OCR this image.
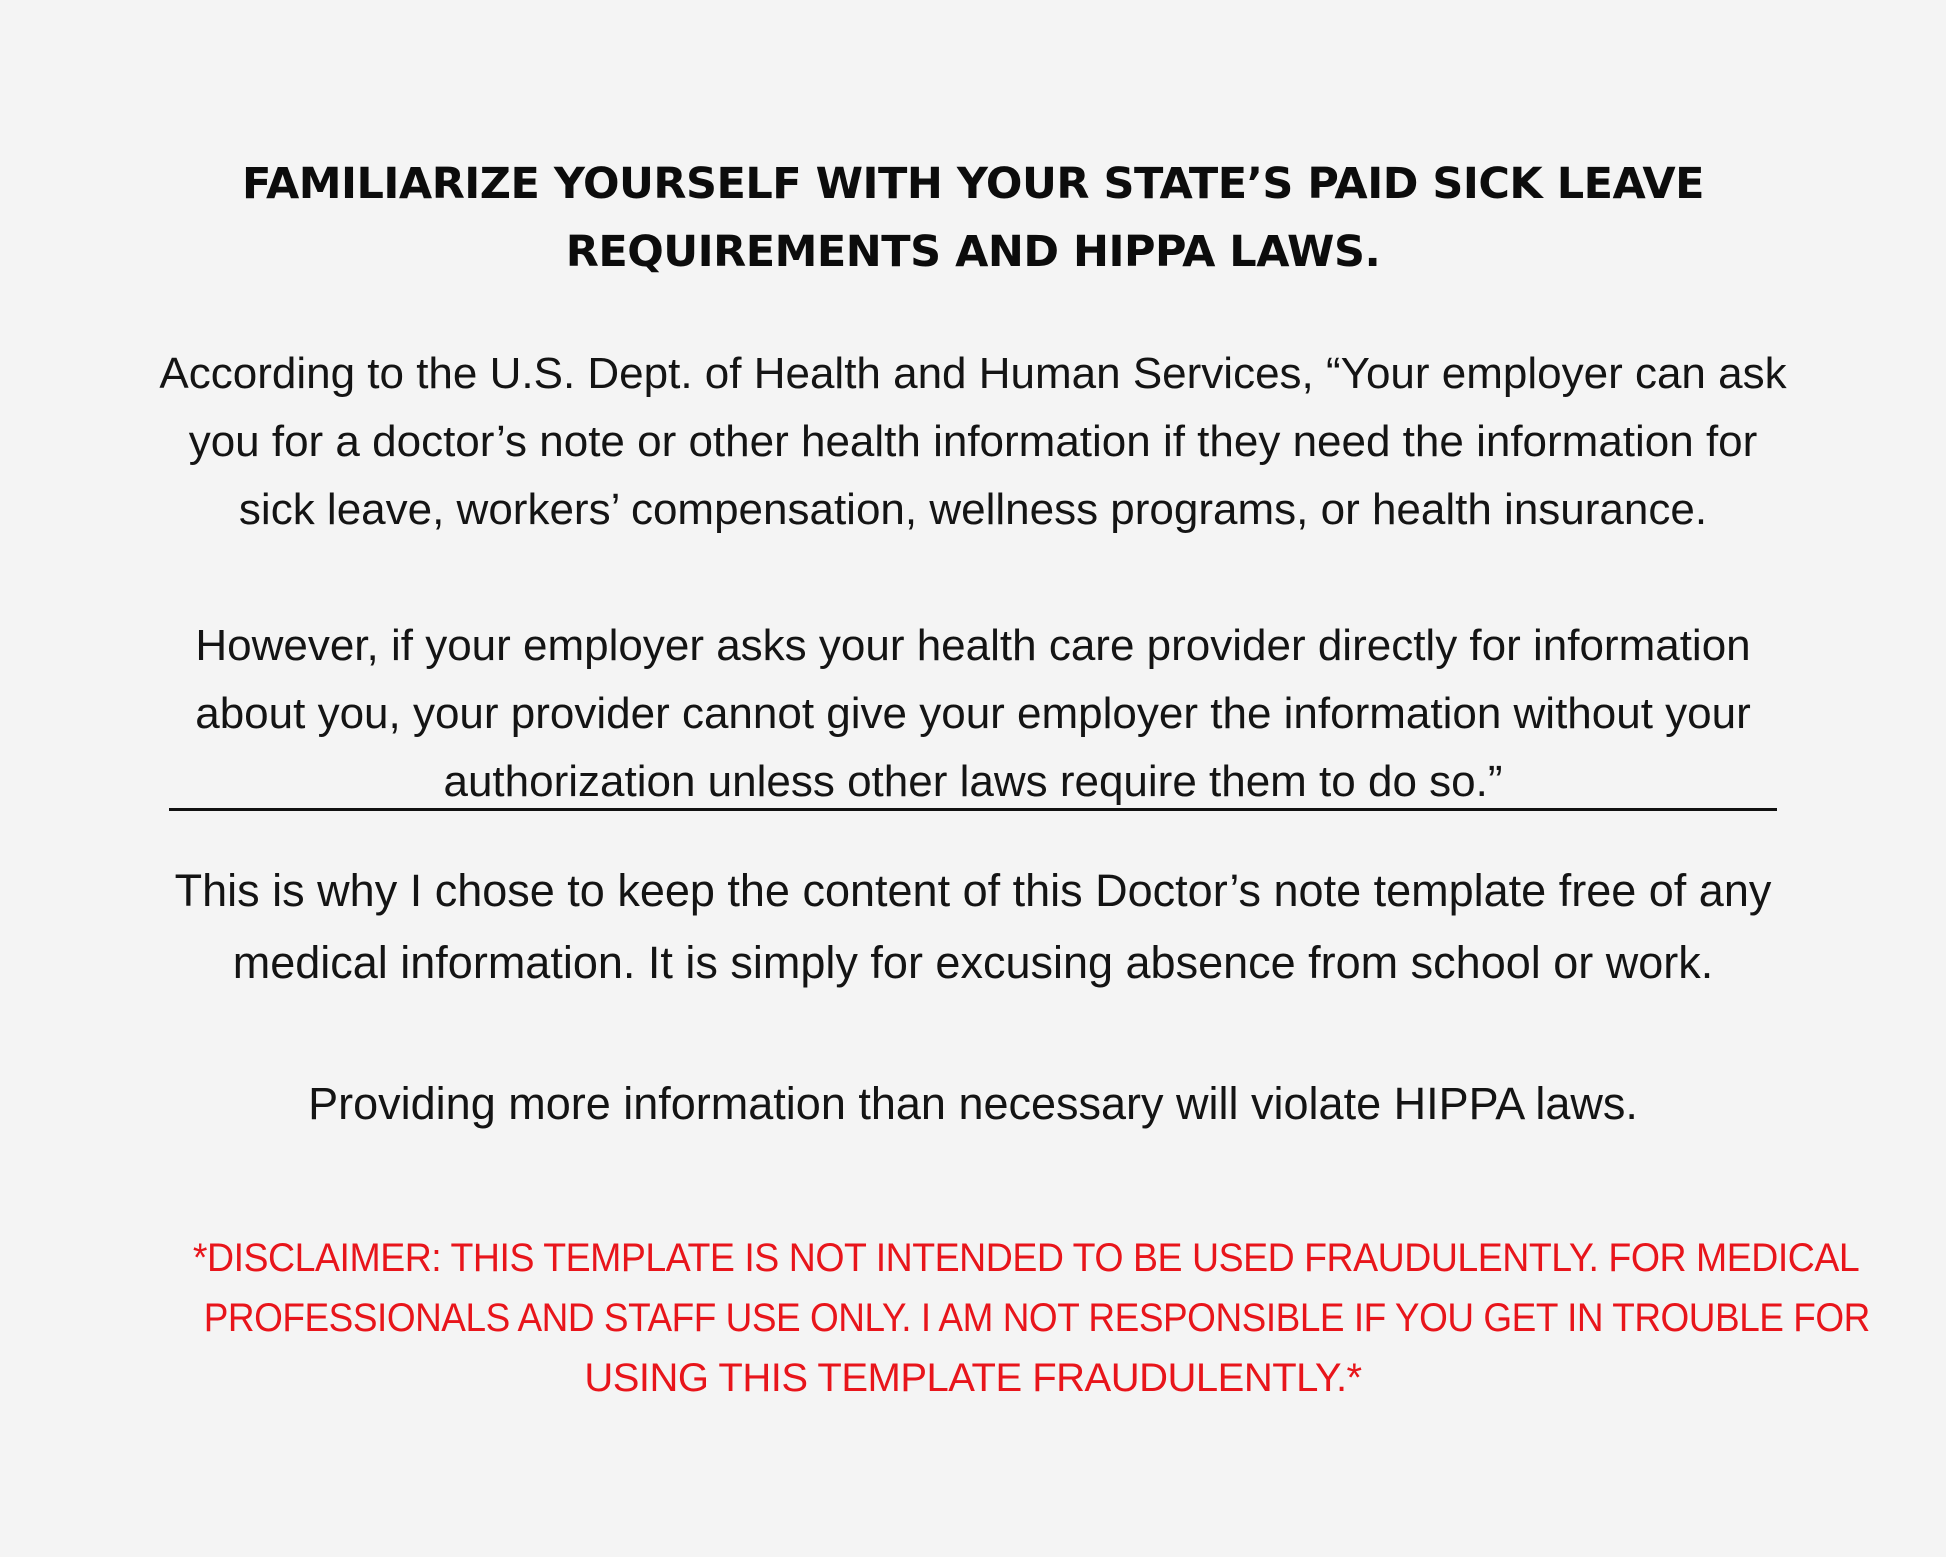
FAMILIARIZE YOURSELF WITH YOUR STATE’S PAID SICK LEAVE
REQUIREMENTS AND HIPPA LAWS.
According to the U.S. Dept. of Health and Human Services, “Your employer can ask
you for a doctor’s note or other health information if they need the information for
sick leave, workers’ compensation, wellness programs, or health insurance.
However, if your employer asks your health care provider directly for information
about you, your provider cannot give your employer the information without your
authorization unless other laws require them to do so.”
This is why I chose to keep the content of this Doctor’s note template free of any
medical information. It is simply for excusing absence from school or work.
Providing more information than necessary will violate HIPPA laws.
*DISCLAIMER: THIS TEMPLATE IS NOT INTENDED TO BE USED FRAUDULENTLY. FOR MEDICAL
PROFESSIONALS AND STAFF USE ONLY. I AM NOT RESPONSIBLE IF YOU GET IN TROUBLE FOR
USING THIS TEMPLATE FRAUDULENTLY.*
